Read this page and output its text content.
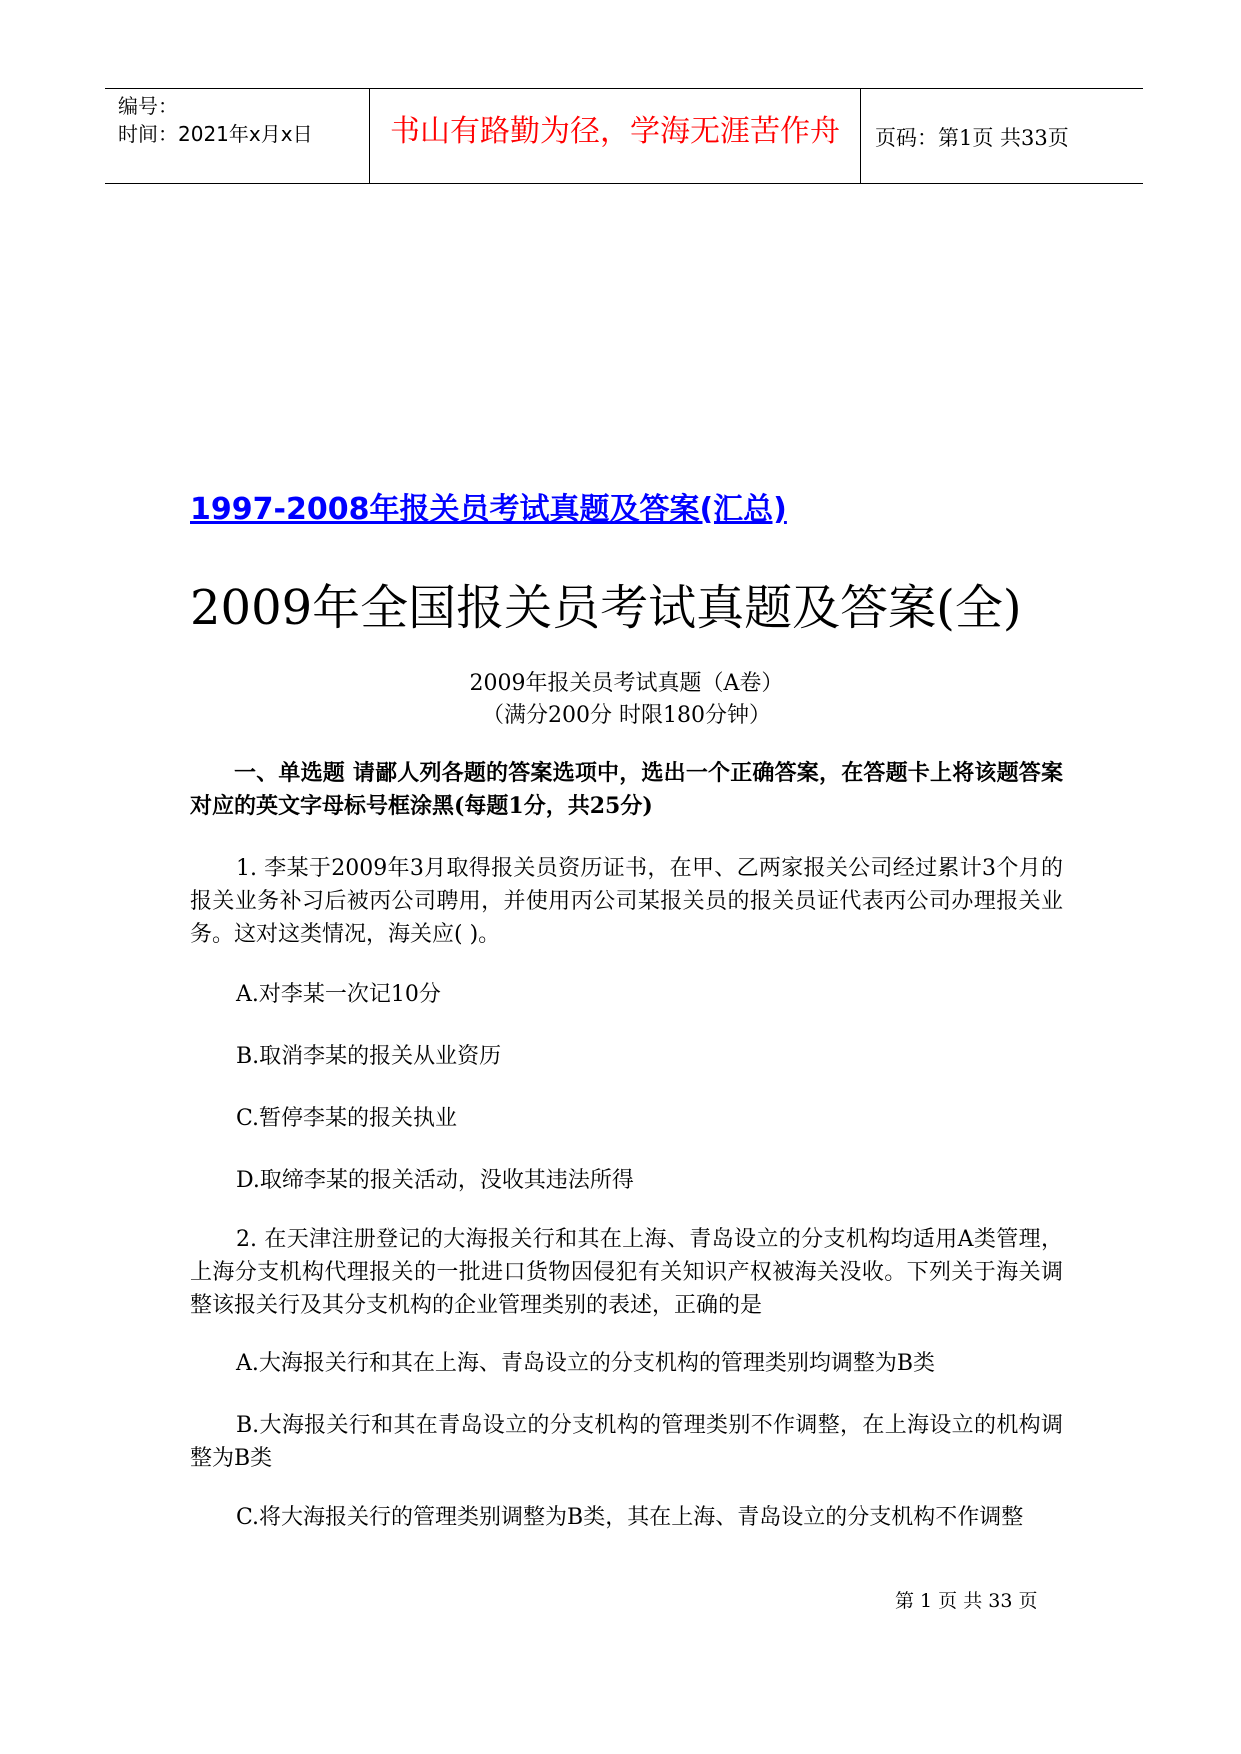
编号：
时间：2021年x月x日	书山有路勤为径，学海无涯苦作舟	页码：第1页 共33页
1997-2008年报关员考试真题及答案(汇总)
2009年全国报关员考试真题及答案(全)
2009年报关员考试真题（A卷）
（满分200分 时限180分钟）
一、单选题 请鄙人列各题的答案选项中，选出一个正确答案，在答题卡上将该题答案对应的英文字母标号框涂黑(每题1分，共25分)
1. 李某于2009年3月取得报关员资历证书，在甲、乙两家报关公司经过累计3个月的报关业务补习后被丙公司聘用，并使用丙公司某报关员的报关员证代表丙公司办理报关业务。这对这类情况，海关应( )。
A.对李某一次记10分
B.取消李某的报关从业资历
C.暂停李某的报关执业
D.取缔李某的报关活动，没收其违法所得
2. 在天津注册登记的大海报关行和其在上海、青岛设立的分支机构均适用A类管理，上海分支机构代理报关的一批进口货物因侵犯有关知识产权被海关没收。下列关于海关调整该报关行及其分支机构的企业管理类别的表述，正确的是
A.大海报关行和其在上海、青岛设立的分支机构的管理类别均调整为B类
B.大海报关行和其在青岛设立的分支机构的管理类别不作调整，在上海设立的机构调整为B类
C.将大海报关行的管理类别调整为B类，其在上海、青岛设立的分支机构不作调整
第 1 页 共 33 页
